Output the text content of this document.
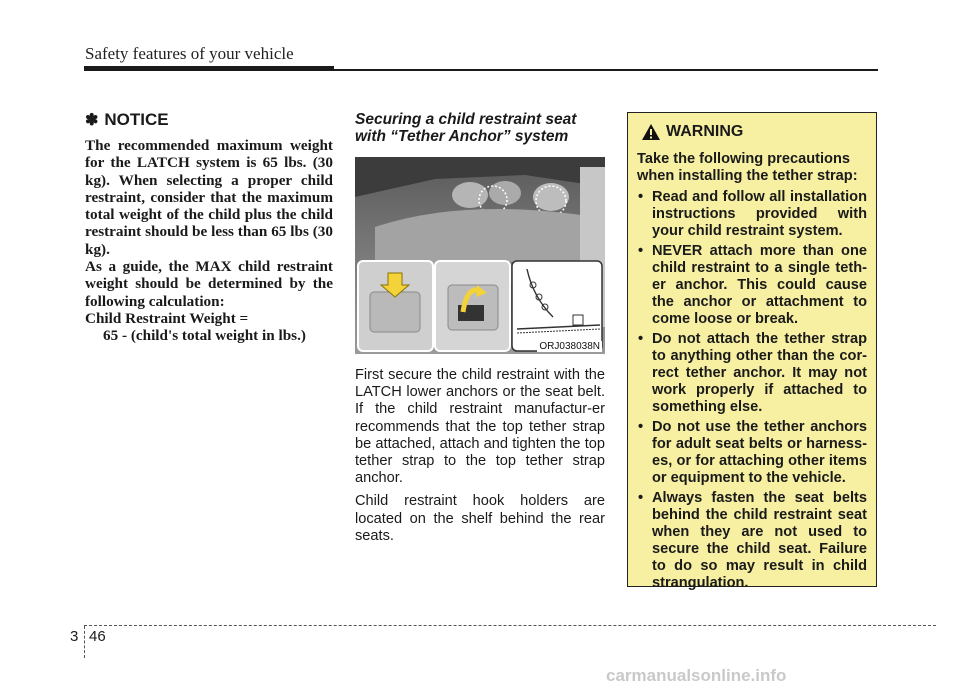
Safety features of your vehicle
✽ NOTICE

The recommended maximum weight for the LATCH system is 65 lbs. (30 kg). When selecting a proper child restraint, consider that the maximum total weight of the child plus the child restraint should be less than 65 lbs (30 kg).

As a guide, the MAX child restraint weight should be determined by the following calculation:

Child Restraint Weight =

65 - (child's total weight in lbs.)

Securing a child restraint seat with “Tether Anchor” system
ORJ038038N

First secure the child restraint with the LATCH lower anchors or the seat belt. If the child restraint manufactur-er recommends that the top tether strap be attached, attach and tighten the top tether strap to the top tether strap anchor.

Child restraint hook holders are located on the shelf behind the rear seats.

WARNING

Take the following precautions when installing the tether strap:

• Read and follow all installation instructions provided with your child restraint system.
• NEVER attach more than one child restraint to a single teth-er anchor. This could cause the anchor or attachment to come loose or break.
• Do not attach the tether strap to anything other than the cor-rect tether anchor. It may not work properly if attached to something else.
• Do not use the tether anchors for adult seat belts or harness-es, or for attaching other items or equipment to the vehicle.
• Always fasten the seat belts behind the child restraint seat when they are not used to secure the child seat. Failure to do so may result in child strangulation.
3 46
carmanualsonline.info
